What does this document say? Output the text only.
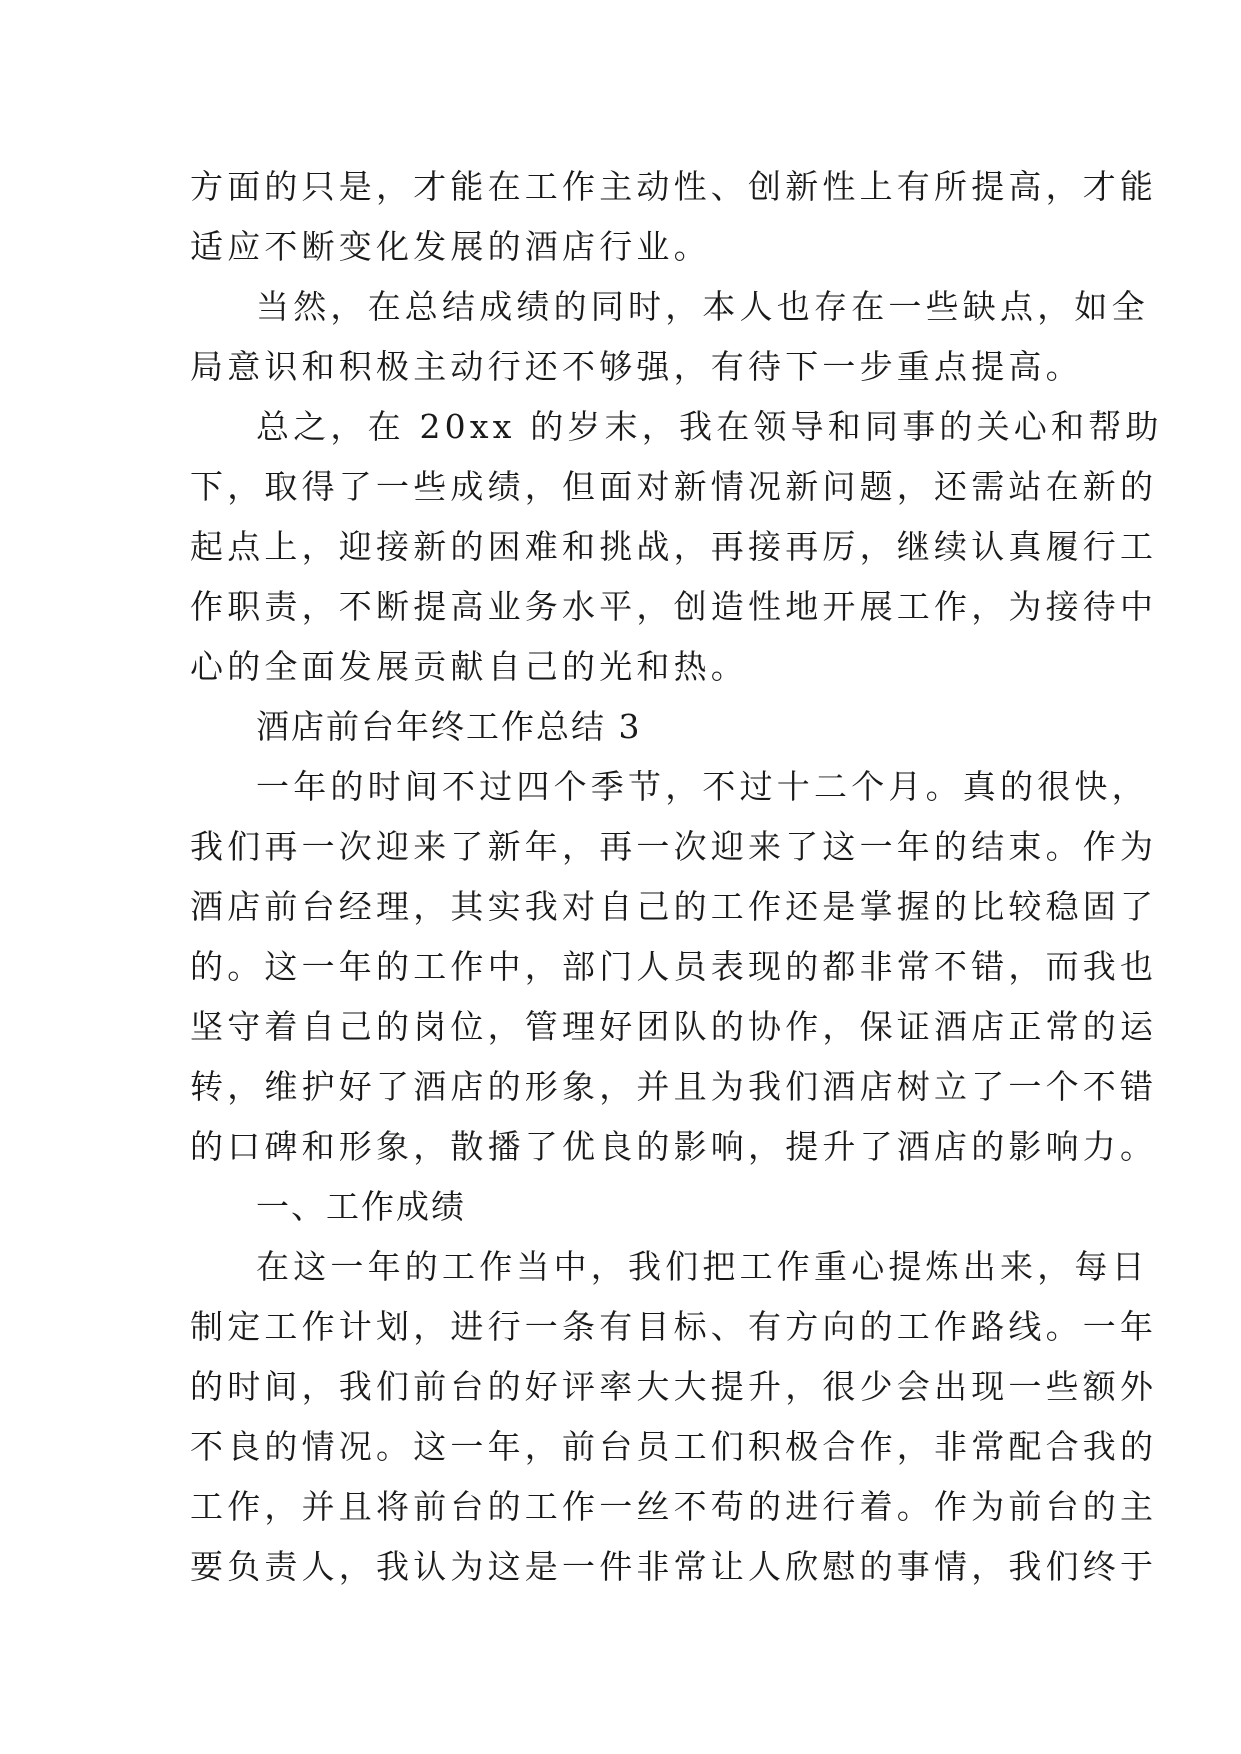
方面的只是，才能在工作主动性、创新性上有所提高，才能
适应不断变化发展的酒店行业。
当然，在总结成绩的同时，本人也存在一些缺点，如全
局意识和积极主动行还不够强，有待下一步重点提高。
总之，在 20xx 的岁末，我在领导和同事的关心和帮助
下，取得了一些成绩，但面对新情况新问题，还需站在新的
起点上，迎接新的困难和挑战，再接再厉，继续认真履行工
作职责，不断提高业务水平，创造性地开展工作，为接待中
心的全面发展贡献自己的光和热。
酒店前台年终工作总结 3
一年的时间不过四个季节，不过十二个月。真的很快，
我们再一次迎来了新年，再一次迎来了这一年的结束。作为
酒店前台经理，其实我对自己的工作还是掌握的比较稳固了
的。这一年的工作中，部门人员表现的都非常不错，而我也
坚守着自己的岗位，管理好团队的协作，保证酒店正常的运
转，维护好了酒店的形象，并且为我们酒店树立了一个不错
的口碑和形象，散播了优良的影响，提升了酒店的影响力。
一、工作成绩
在这一年的工作当中，我们把工作重心提炼出来，每日
制定工作计划，进行一条有目标、有方向的工作路线。一年
的时间，我们前台的好评率大大提升，很少会出现一些额外
不良的情况。这一年，前台员工们积极合作，非常配合我的
工作，并且将前台的工作一丝不苟的进行着。作为前台的主
要负责人，我认为这是一件非常让人欣慰的事情，我们终于
